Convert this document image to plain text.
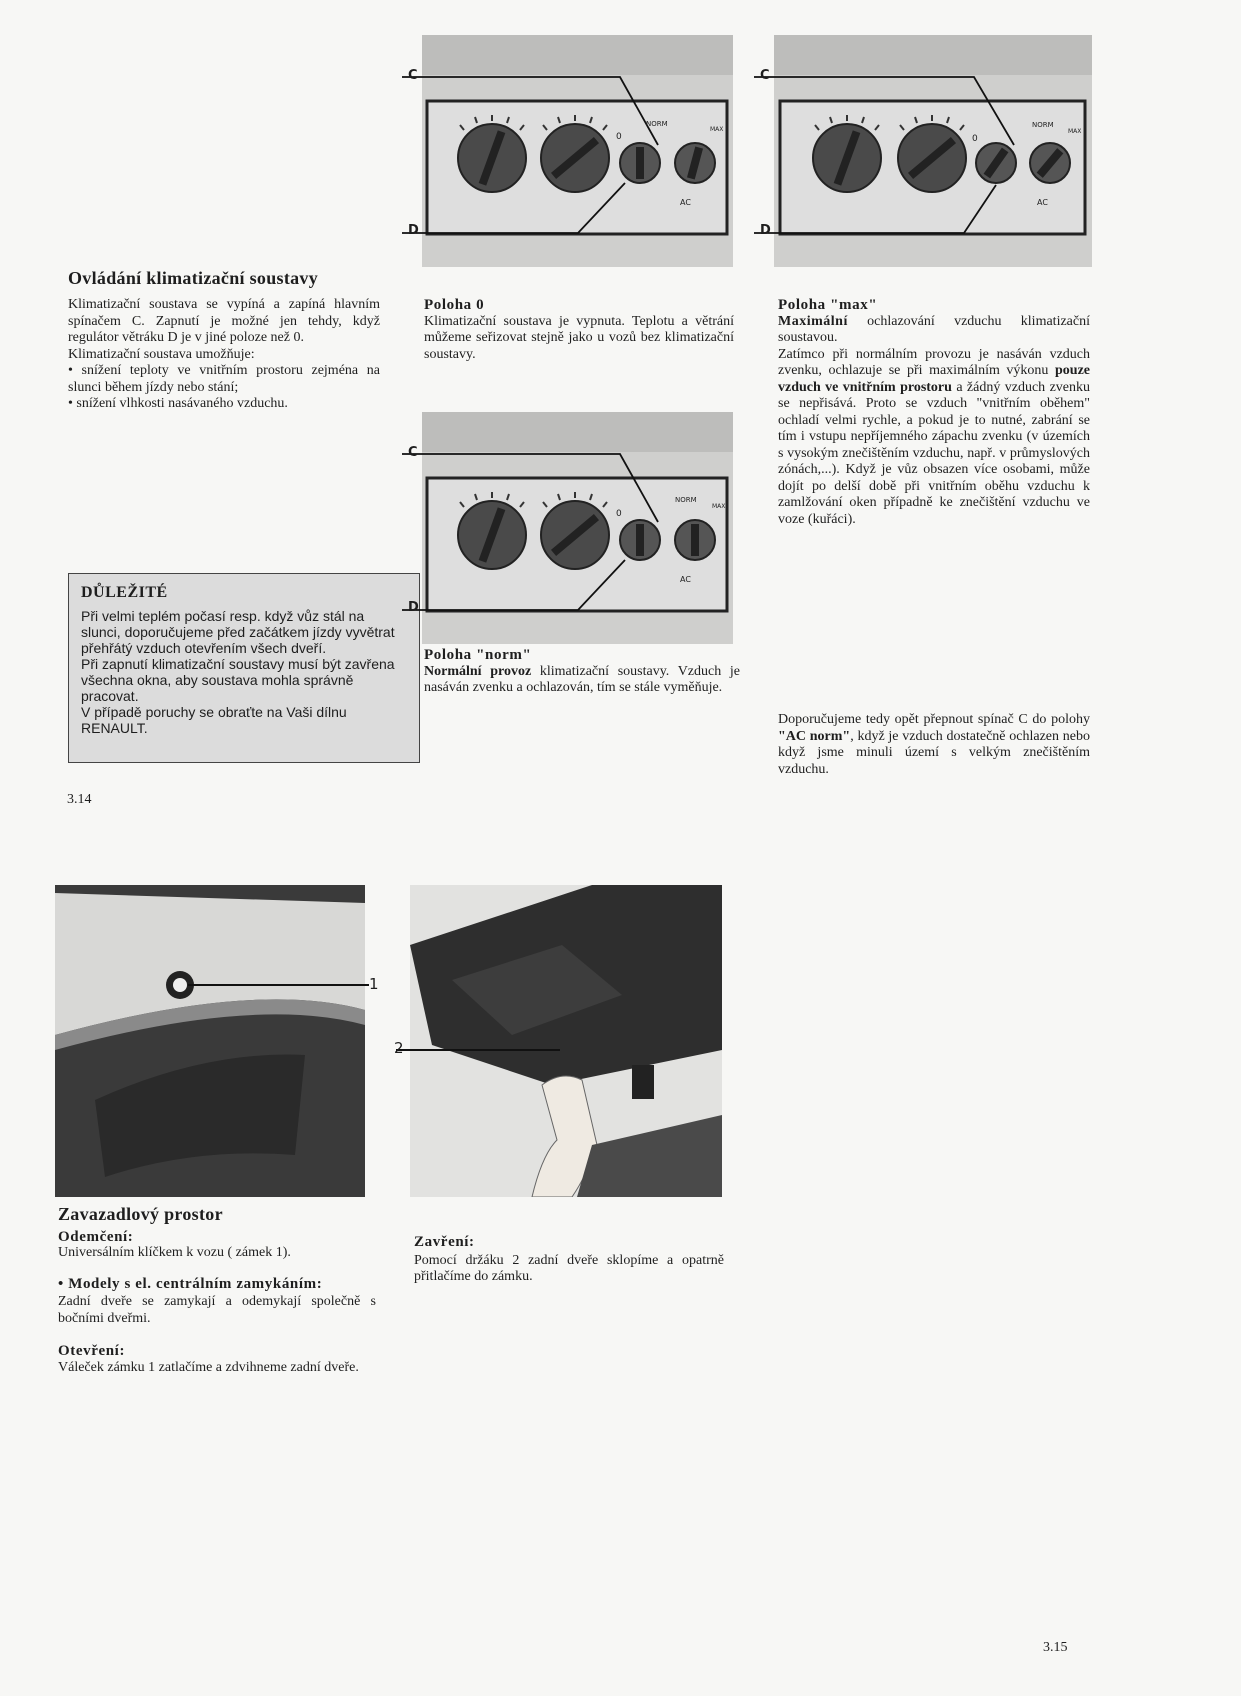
Ovládání klimatizační soustavy

Klimatizační soustava se vypíná a zapíná hlavním spínačem C. Zapnutí je možné jen tehdy, když regulátor větráku D je v jiné poloze než 0.

Klimatizační soustava umožňuje:

• snížení teploty ve vnitřním prostoru zejména na slunci během jízdy nebo stání;

• snížení vlhkosti nasávaného vzduchu.

DŮLEŽITÉ

Při velmi teplém počasí resp. když vůz stál na slunci, doporučujeme před začátkem jízdy vyvětrat přehřátý vzduch otevřením všech dveří.

Při zapnutí klimatizační soustavy musí být zavřena všechna okna, aby soustava mohla správně pracovat.

V případě poruchy se obraťte na Vaši dílnu RENAULT.

3.14
NORM
MAX
0
AC
C
D
NORM
MAX
0
AC
C
D
Poloha 0

Klimatizační soustava je vypnuta. Teplotu a větrání můžeme seřizovat stejně jako u vozů bez klimatizační soustavy.

NORM
MAX
0
AC
C
D
Poloha "norm"

Normální provoz klimatizační soustavy. Vzduch je nasáván zvenku a ochlazován, tím se stále vyměňuje.

Poloha "max"

Maximální ochlazování vzduchu klimatizační soustavou.

Zatímco při normálním provozu je nasáván vzduch zvenku, ochlazuje se při maximálním výkonu pouze vzduch ve vnitřním prostoru a žádný vzduch zvenku se nepřisává. Proto se vzduch "vnitřním oběhem" ochladí velmi rychle, a pokud je to nutné, zabrání se tím i vstupu nepříjemného zápachu zvenku (v územích s vysokým znečištěním vzduchu, např. v průmyslových zónách,...). Když je vůz obsazen více osobami, může dojít po delší době při vnitřním oběhu vzduchu k zamlžování oken případně ke znečištění vzduchu ve voze (kuřáci).

Doporučujeme tedy opět přepnout spínač C do polohy "AC norm", když je vzduch dostatečně ochlazen nebo když jsme minuli území s velkým znečištěním vzduchu.
1
2
Zavazadlový prostor
Odemčení:

Universálním klíčkem k vozu ( zámek 1).

• Modely s el. centrálním zamykáním:

Zadní dveře se zamykají a odemykají společně s bočními dveřmi.

Otevření:

Váleček zámku 1 zatlačíme a zdvihneme zadní dveře.

Zavření:

Pomocí držáku 2 zadní dveře sklopíme a opatrně přitlačíme do zámku.

3.15
